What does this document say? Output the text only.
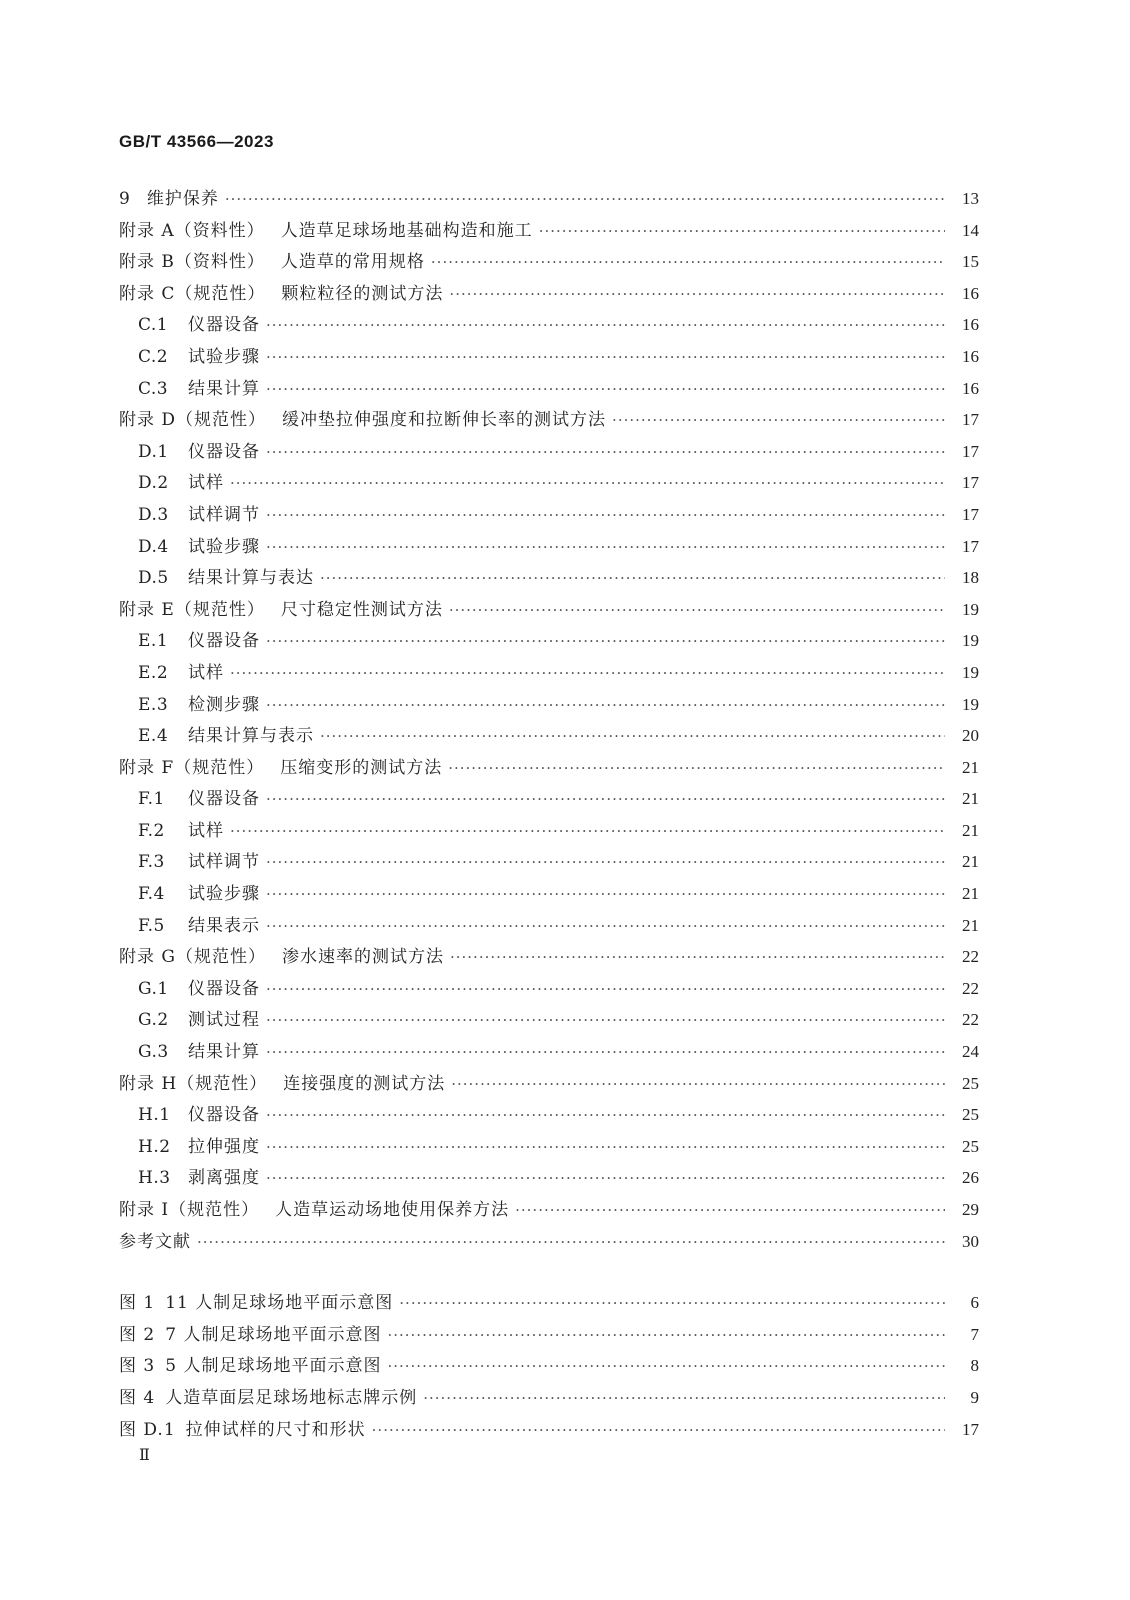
GB/T 43566—2023
9 维护保养 ·····	13
附录 A（资料性） 人造草足球场地基础构造和施工 ·····	14
附录 B（资料性） 人造草的常用规格 ·····	15
附录 C（规范性） 颗粒粒径的测试方法 ·····	16
C.1	仪器设备 ·····	16
C.2	试验步骤 ·····	16
C.3	结果计算 ·····	16
附录 D（规范性） 缓冲垫拉伸强度和拉断伸长率的测试方法 ·····	17
D.1	仪器设备 ·····	17
D.2	试样 ·····	17
D.3	试样调节 ·····	17
D.4	试验步骤 ·····	17
D.5	结果计算与表达 ·····	18
附录 E（规范性） 尺寸稳定性测试方法 ·····	19
E.1	仪器设备 ·····	19
E.2	试样 ·····	19
E.3	检测步骤 ·····	19
E.4	结果计算与表示 ·····	20
附录 F（规范性） 压缩变形的测试方法 ·····	21
F.1	仪器设备 ·····	21
F.2	试样 ·····	21
F.3	试样调节 ·····	21
F.4	试验步骤 ·····	21
F.5	结果表示 ·····	21
附录 G（规范性） 渗水速率的测试方法 ·····	22
G.1	仪器设备 ·····	22
G.2	测试过程 ·····	22
G.3	结果计算 ·····	24
附录 H（规范性） 连接强度的测试方法 ·····	25
H.1	仪器设备 ·····	25
H.2	拉伸强度 ·····	25
H.3	剥离强度 ·····	26
附录 I（规范性） 人造草运动场地使用保养方法 ·····	29
参考文献 ·····	30
图 1 11 人制足球场地平面示意图 ·····	6
图 2 7 人制足球场地平面示意图 ·····	7
图 3 5 人制足球场地平面示意图 ·····	8
图 4 人造草面层足球场地标志牌示例 ·····	9
图 D.1 拉伸试样的尺寸和形状 ·····	17
Ⅱ
